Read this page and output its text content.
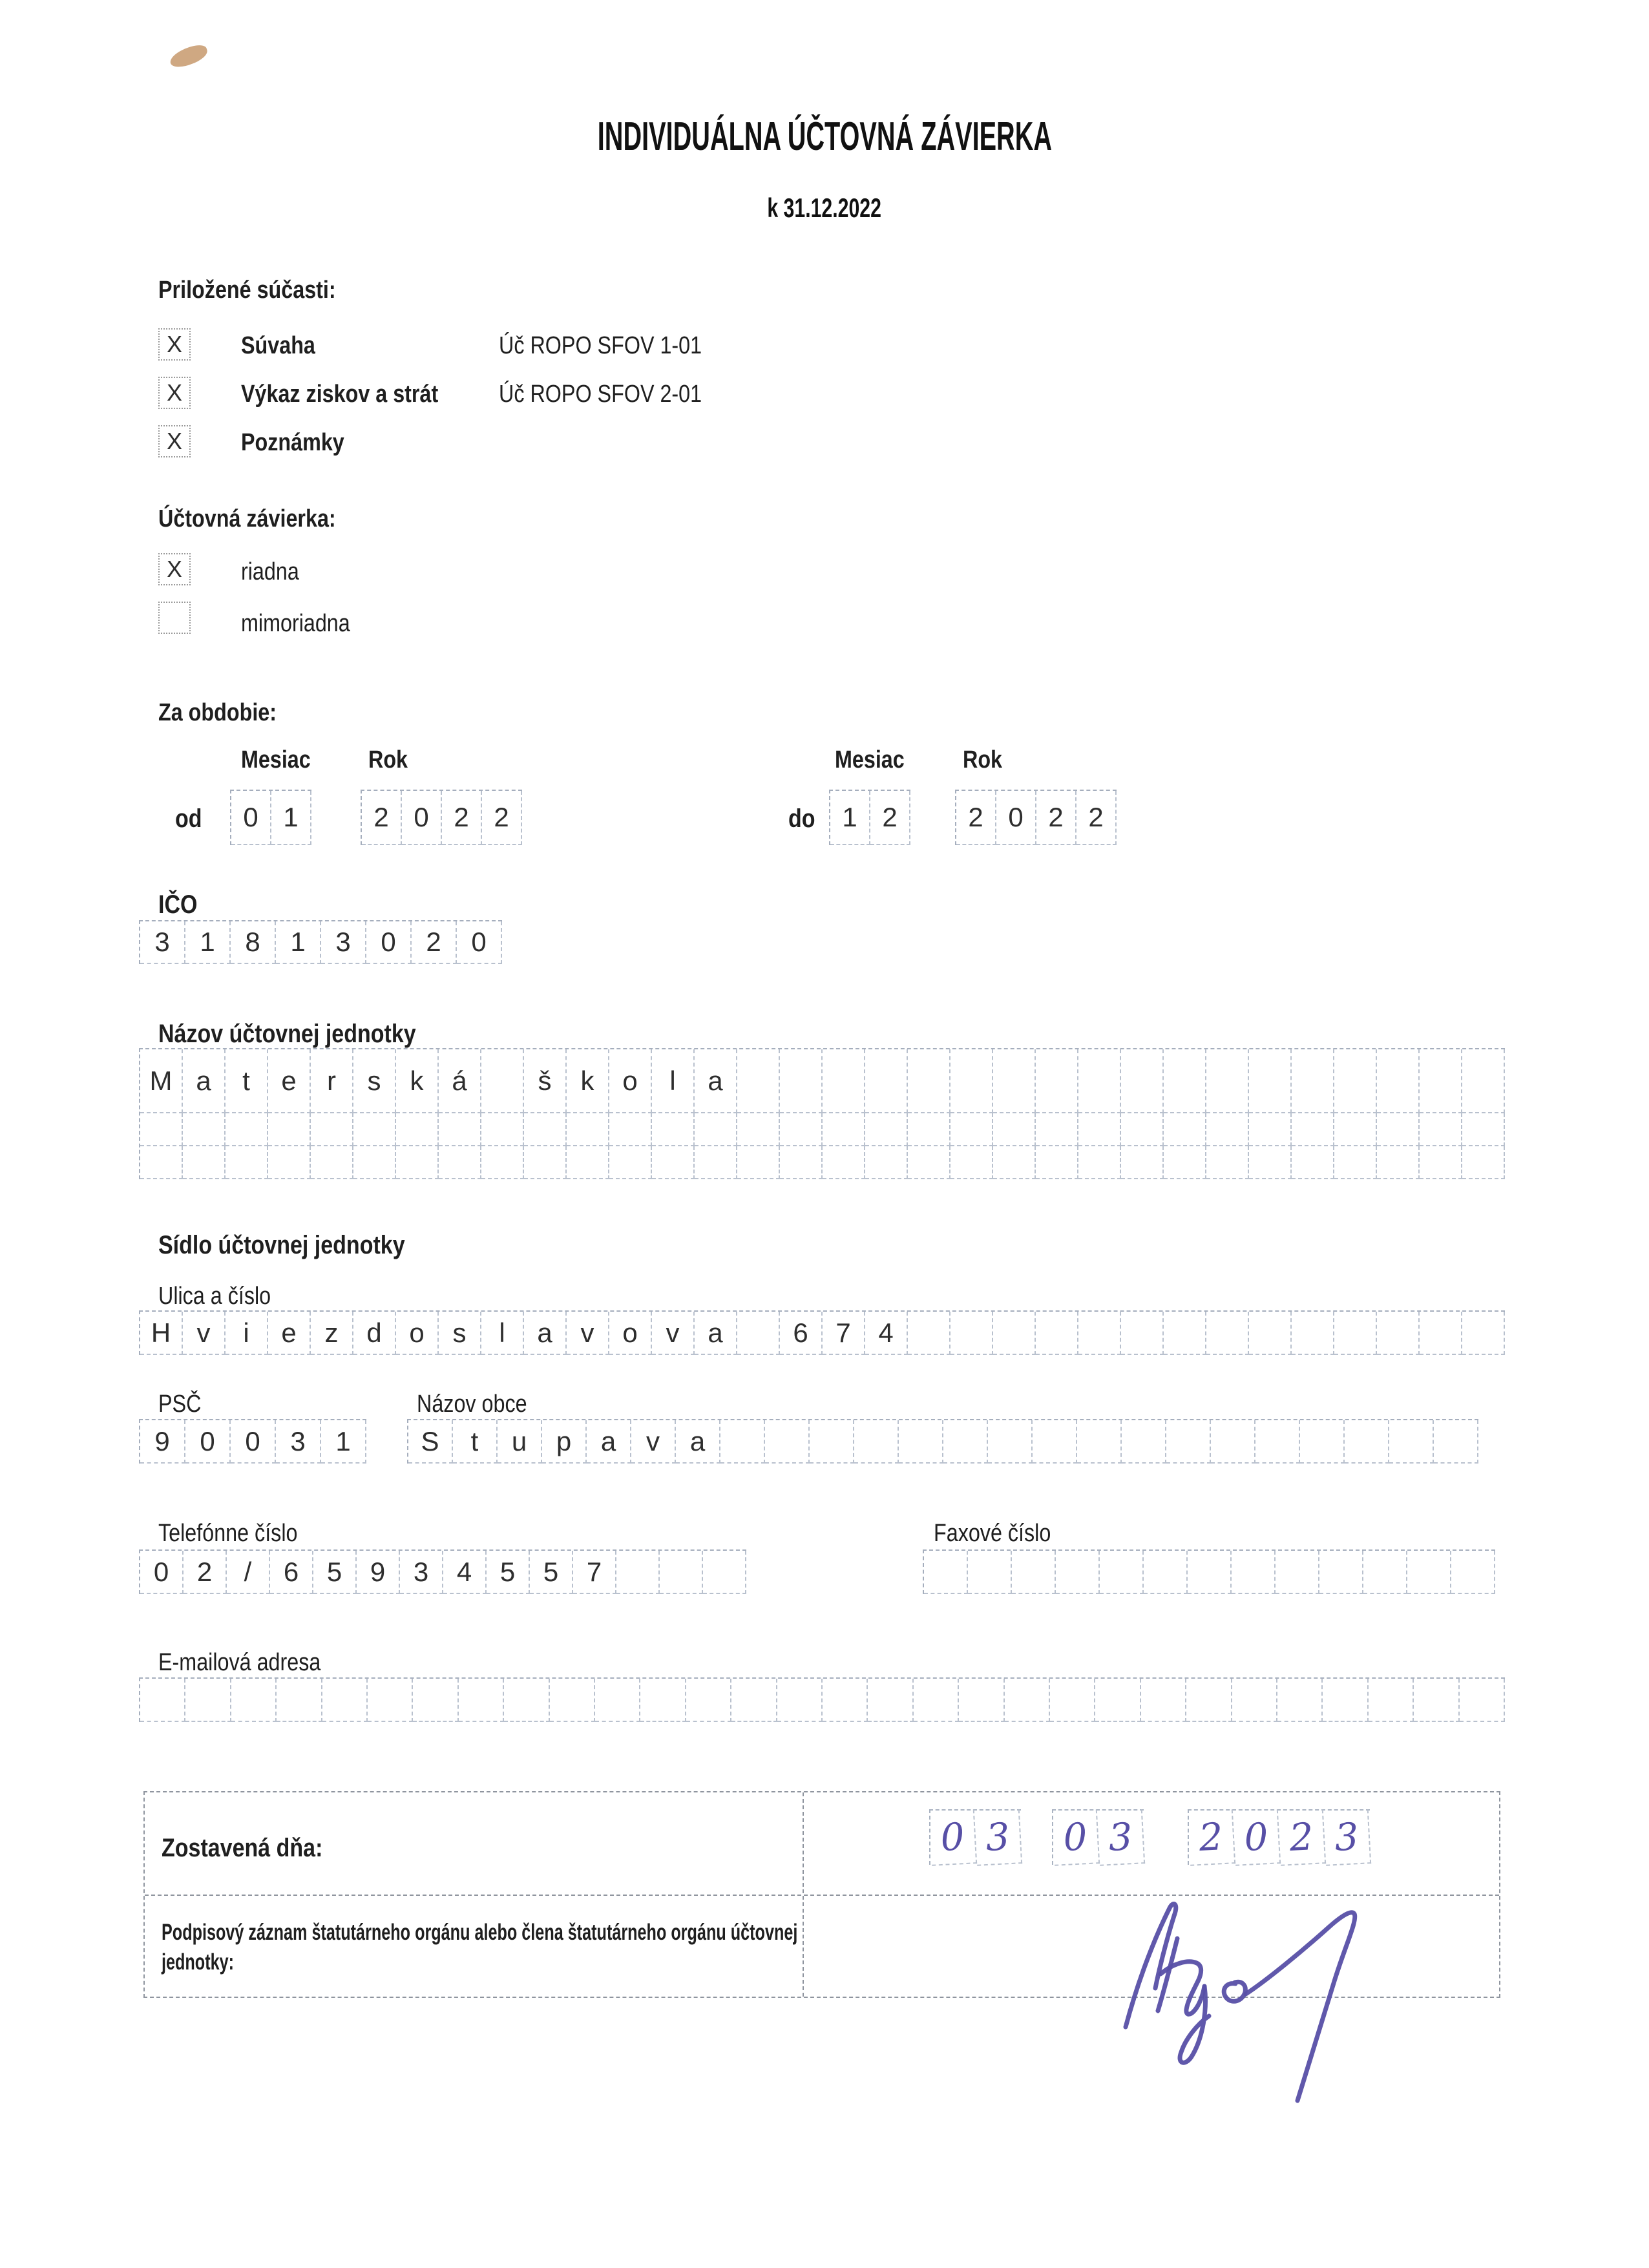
INDIVIDUÁLNA ÚČTOVNÁ ZÁVIERKA
k 31.12.2022
Priložené súčasti:
X	Súvaha	Úč ROPO SFOV 1-01
X	Výkaz ziskov a strát Úč ROPO SFOV 2-01
X	Poznámky
Účtovná závierka:
X	riadna
mimoriadna
Za obdobie:
Mesiac Rok
od	0 1	2 0 2 2
Mesiac Rok
do 1 2	2 0 2 2
IČO
3	1	8	1	3	0	2	0
Názov účtovnej jednotky
M a	t	e	r	s	k	á	š	k	o	l	a
Sídlo účtovnej jednotky
Ulica a číslo
H v	i	e	z	d	o	s	l	a	v	o	v	a	6	7	4
PSČ
9	0	0	3	1
Názov obce
S	t	u	p	a	v	a
Telefónne číslo
0	2	/	6	5	9	3	4	5	5	7
Faxové číslo
E-mailová adresa
Zostavená dňa:	0 3	0 3	2 0 2 3
Podpisový záznam štatutárneho orgánu alebo člena štatutárneho orgánu účtovnej jednotky:
